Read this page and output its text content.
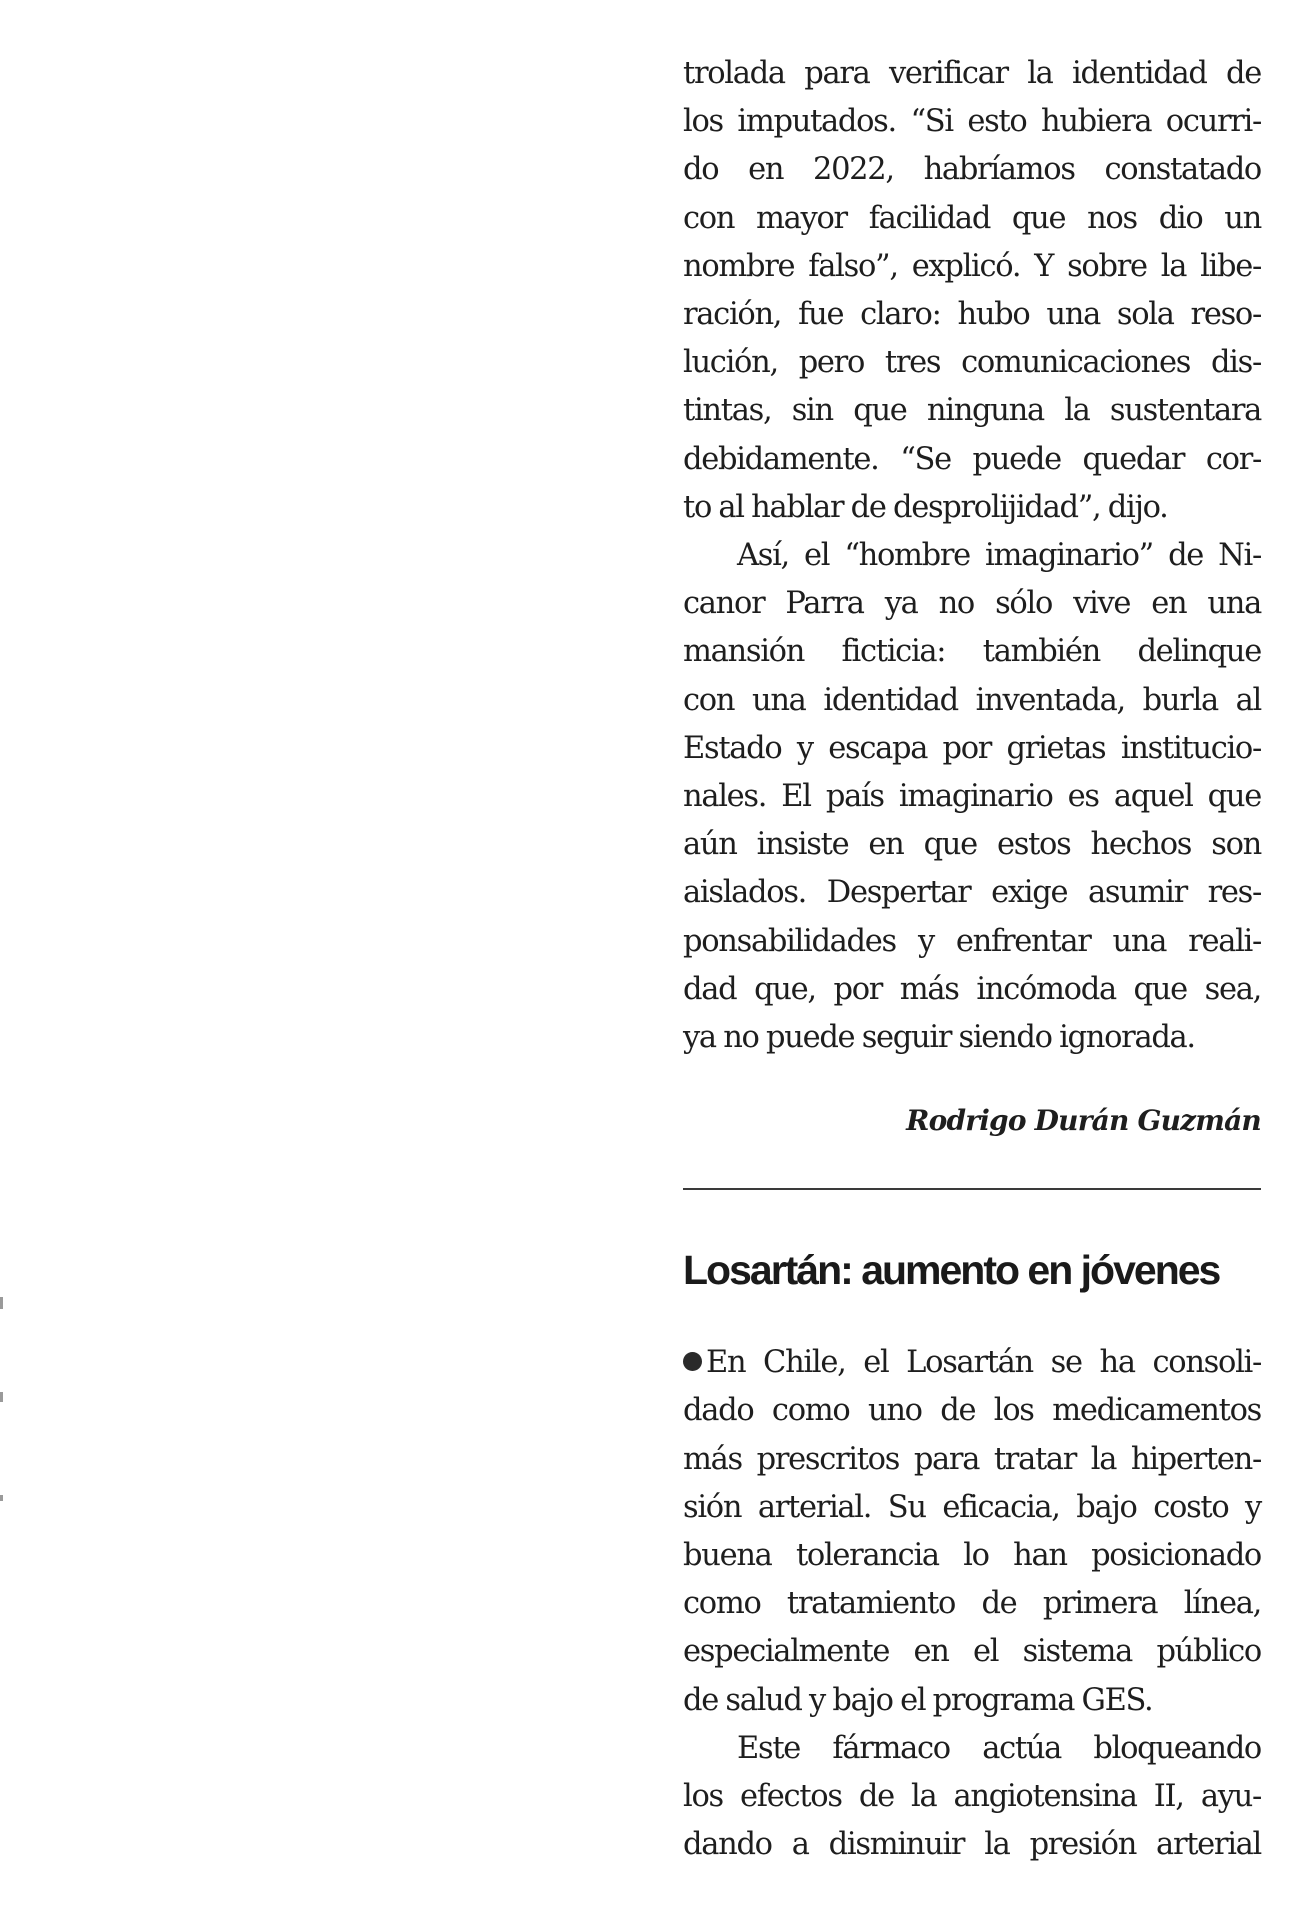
trolada para verificar la identidad de
los imputados. “Si esto hubiera ocurri-
do en 2022, habríamos constatado
con mayor facilidad que nos dio un
nombre falso”, explicó. Y sobre la libe-
ración, fue claro: hubo una sola reso-
lución, pero tres comunicaciones dis-
tintas, sin que ninguna la sustentara
debidamente. “Se puede quedar cor-
to al hablar de desprolijidad”, dijo.
Así, el “hombre imaginario” de Ni-
canor Parra ya no sólo vive en una
mansión ficticia: también delinque
con una identidad inventada, burla al
Estado y escapa por grietas institucio-
nales. El país imaginario es aquel que
aún insiste en que estos hechos son
aislados. Despertar exige asumir res-
ponsabilidades y enfrentar una reali-
dad que, por más incómoda que sea,
ya no puede seguir siendo ignorada.
Rodrigo Durán Guzmán
Losartán: aumento en jóvenes
En Chile, el Losartán se ha consoli-
dado como uno de los medicamentos
más prescritos para tratar la hiperten-
sión arterial. Su eficacia, bajo costo y
buena tolerancia lo han posicionado
como tratamiento de primera línea,
especialmente en el sistema público
de salud y bajo el programa GES.
Este fármaco actúa bloqueando
los efectos de la angiotensina II, ayu-
dando a disminuir la presión arterial
